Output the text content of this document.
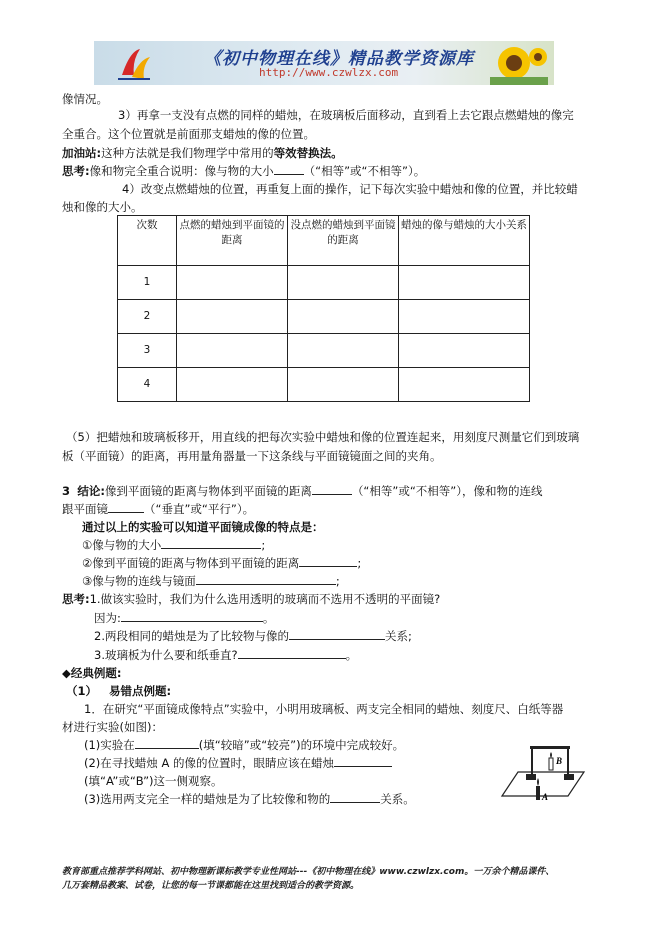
《初中物理在线》精品教学资源库
http://www.czwlzx.com
像情况。
3）再拿一支没有点燃的同样的蜡烛，在玻璃板后面移动，直到看上去它跟点燃蜡烛的像完
全重合。这个位置就是前面那支蜡烛的像的位置。
加油站:这种方法就是我们物理学中常用的等效替换法。
思考:像和物完全重合说明：像与物的大小	（“相等”或“不相等”）。
4）改变点燃蜡烛的位置，再重复上面的操作，记下每次实验中蜡烛和像的位置，并比较蜡
烛和像的大小。
次数	点燃的蜡烛到平面镜的距离	没点燃的蜡烛到平面镜的距离	蜡烛的像与蜡烛的大小关系
1			
2			
3			
4			
（5）把蜡烛和玻璃板移开，用直线的把每次实验中蜡烛和像的位置连起来，用刻度尺测量它们到玻璃
板（平面镜）的距离，再用量角器量一下这条线与平面镜镜面之间的夹角。
3 结论:像到平面镜的距离与物体到平面镜的距离	（“相等”或“不相等”），像和物的连线
跟平面镜	（“垂直”或“平行”）。
通过以上的实验可以知道平面镜成像的特点是：
①像与物的大小	;
②像到平面镜的距离与物体到平面镜的距离	;
③像与物的连线与镜面	;
思考:1.做该实验时，我们为什么选用透明的玻璃而不选用不透明的平面镜?
因为:	。
2.两段相同的蜡烛是为了比较物与像的	关系;
3.玻璃板为什么要和纸垂直?	。
◆经典例题:
（1） 易错点例题:
1．在研究“平面镜成像特点”实验中，小明用玻璃板、两支完全相同的蜡烛、刻度尺、白纸等器
材进行实验(如图)：
(1)实验在	(填“较暗”或“较亮”)的环境中完成较好。
(2)在寻找蜡烛 A 的像的位置时，眼睛应该在蜡烛
(填“A”或“B”)这一侧观察。
(3)选用两支完全一样的蜡烛是为了比较像和物的	关系。
B
A
教育部重点推荐学科网站、初中物理新课标教学专业性网站---《初中物理在线》www.czwlzx.com。一万余个精品课件、
几万套精品教案、试卷，让您的每一节课都能在这里找到适合的教学资源。
